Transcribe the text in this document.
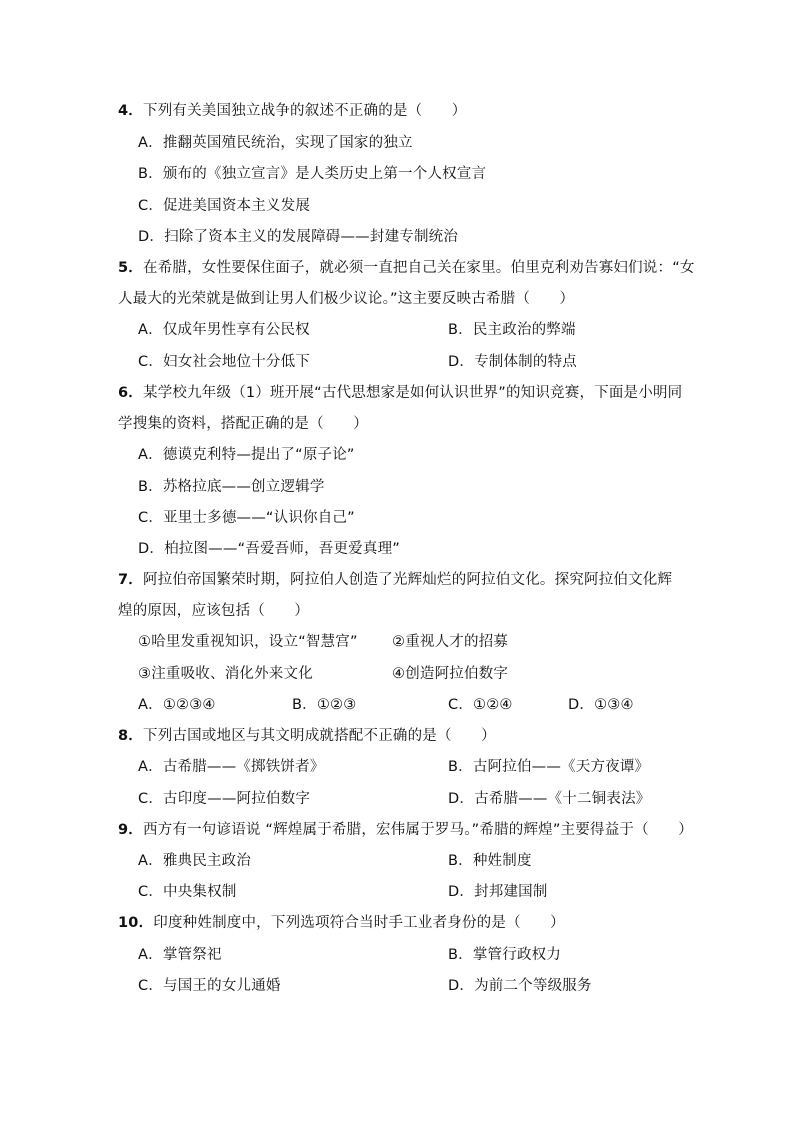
4．下列有关美国独立战争的叙述不正确的是（　　）
A．推翻英国殖民统治，实现了国家的独立
B．颁布的《独立宣言》是人类历史上第一个人权宣言
C．促进美国资本主义发展
D．扫除了资本主义的发展障碍——封建专制统治
5．在希腊，女性要保住面子，就必须一直把自己关在家里。伯里克利劝告寡妇们说：“女
人最大的光荣就是做到让男人们极少议论。”这主要反映古希腊（　　）
A．仅成年男性享有公民权	B．民主政治的弊端
C．妇女社会地位十分低下	D．专制体制的特点
6．某学校九年级（1）班开展“古代思想家是如何认识世界”的知识竞赛，下面是小明同
学搜集的资料，搭配正确的是（　　）
A．德谟克利特—提出了“原子论”
B．苏格拉底——创立逻辑学
C．亚里士多德——“认识你自己”
D．柏拉图——“吾爱吾师，吾更爱真理”
7．阿拉伯帝国繁荣时期，阿拉伯人创造了光辉灿烂的阿拉伯文化。探究阿拉伯文化辉
煌的原因，应该包括（　　）
①哈里发重视知识，设立“智慧宫” ②重视人才的招募
③注重吸收、消化外来文化	④创造阿拉伯数字
A．①②③④	B．①②③	C．①②④	D．①③④
8．下列古国或地区与其文明成就搭配不正确的是（　　）
A．古希腊——《掷铁饼者》	B．古阿拉伯——《天方夜谭》
C．古印度——阿拉伯数字	D．古希腊——《十二铜表法》
9．西方有一句谚语说 “辉煌属于希腊，宏伟属于罗马。”希腊的辉煌”主要得益于（　　）
A．雅典民主政治	B．种姓制度
C．中央集权制	D．封邦建国制
10．印度种姓制度中，下列选项符合当时手工业者身份的是（　　）
A．掌管祭祀	B．掌管行政权力
C．与国王的女儿通婚	D．为前二个等级服务
